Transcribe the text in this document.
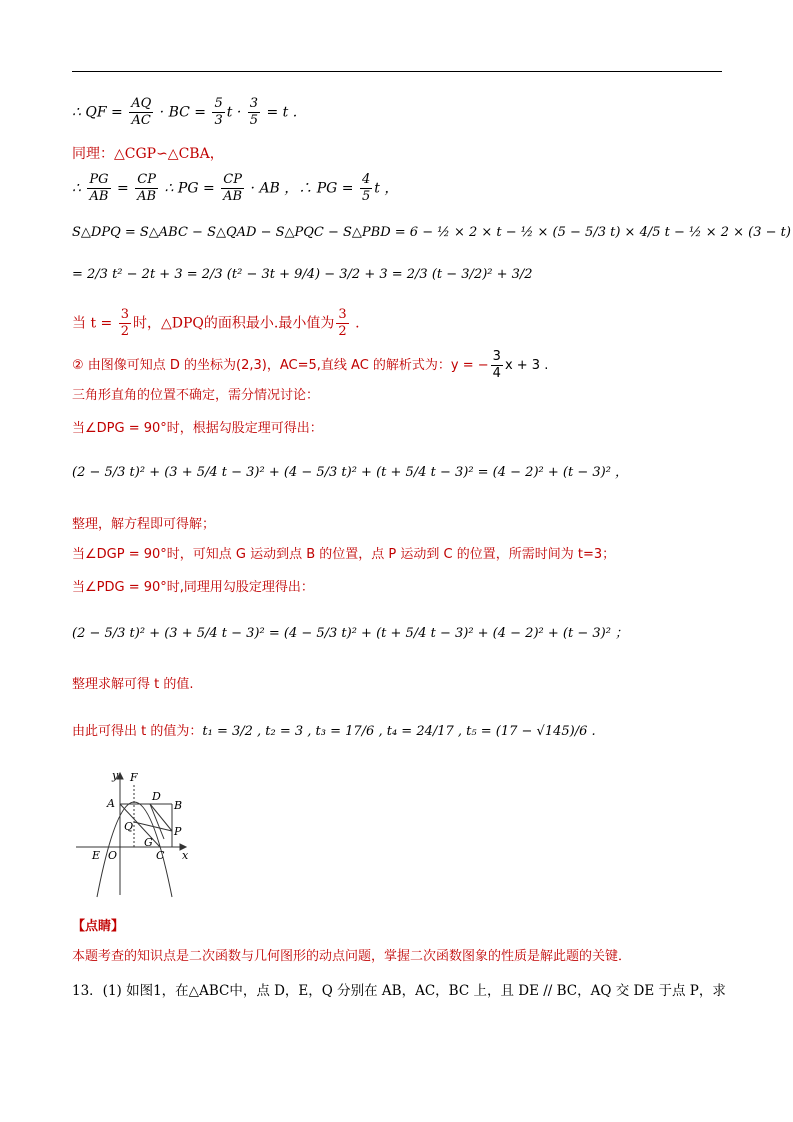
∴ QF = $\frac{AQ}{AC}$ · BC = $\frac{5}{3}$ $t \cdot \frac{3}{5} = t$ .
同理：△CGP∽△CBA，
∴ $\frac{PG}{AB} = \frac{CP}{AB}$ ∴ PG = $\frac{CP}{AB}$ · AB ，∴ PG = $\frac{4}{5}$ t ，
S△DPQ = S△ABC − S△QAD − S△PQC − S△PBD = 6 − ½ × 2 × t − ½ × (5 − 5/3 t) × 4/5 t − ½ × 2 × (3 − t)
= 2/3 t² − 2t + 3 = 2/3 (t² − 3t + 9/4) − 3/2 + 3 = 2/3 (t − 3/2)² + 3/2
当 $t = \frac{3}{2}$ 时，△DPQ的面积最小.最小值为 $\frac{3}{2}$ .
② 由图像可知点 D 的坐标为(2,3)，AC=5,直线 AC 的解析式为：y = − $\frac{3}{4}$ x + 3 .
三角形直角的位置不确定，需分情况讨论：
当∠DPG = 90°时，根据勾股定理可得出：
(2 − 5/3 t)² + (3 + 5/4 t − 3)² + (4 − 5/3 t)² + (t + 5/4 t − 3)² = (4 − 2)² + (t − 3)² ，
整理，解方程即可得解；
当∠DGP = 90°时，可知点 G 运动到点 B 的位置，点 P 运动到 C 的位置，所需时间为 t=3；
当∠PDG = 90°时,同理用勾股定理得出：
(2 − 5/3 t)² + (3 + 5/4 t − 3)² = (4 − 5/3 t)² + (t + 5/4 t − 3)² + (4 − 2)² + (t − 3)² ；
整理求解可得 t 的值.
由此可得出 t 的值为：t₁ = 3/2 , t₂ = 3 , t₃ = 17/6 , t₄ = 24/17 , t₅ = (17 − √145)/6 .
y F
A
D
B
Q	P
G
E O	C x
【点睛】
本题考查的知识点是二次函数与几何图形的动点问题，掌握二次函数图象的性质是解此题的关键．
13．(1) 如图1，在△ABC中，点 D，E，Q 分别在 AB，AC，BC 上，且 DE // BC，AQ 交 DE 于点 P，求
